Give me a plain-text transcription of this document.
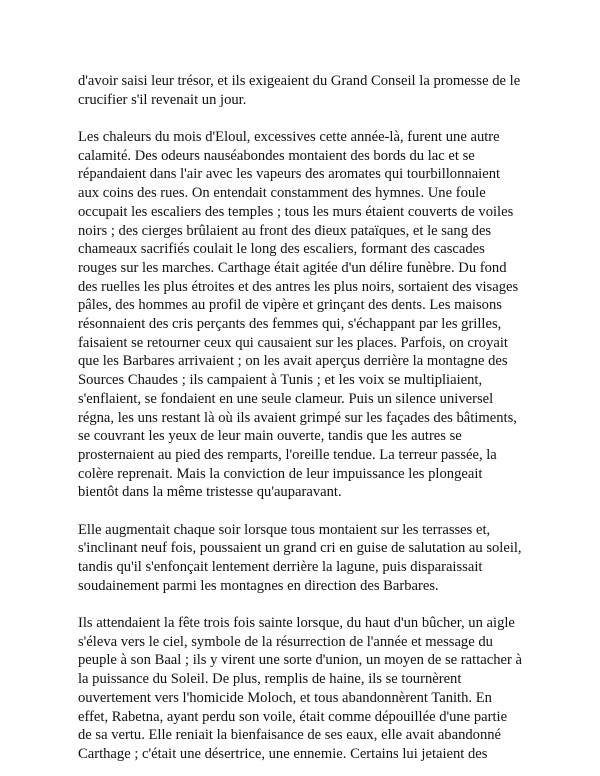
d'avoir saisi leur trésor, et ils exigeaient du Grand Conseil la promesse de le
crucifier s'il revenait un jour.

Les chaleurs du mois d'Eloul, excessives cette année-là, furent une autre
calamité. Des odeurs nauséabondes montaient des bords du lac et se
répandaient dans l'air avec les vapeurs des aromates qui tourbillonnaient
aux coins des rues. On entendait constamment des hymnes. Une foule
occupait les escaliers des temples ; tous les murs étaient couverts de voiles
noirs ; des cierges brûlaient au front des dieux pataïques, et le sang des
chameaux sacrifiés coulait le long des escaliers, formant des cascades
rouges sur les marches. Carthage était agitée d'un délire funèbre. Du fond
des ruelles les plus étroites et des antres les plus noirs, sortaient des visages
pâles, des hommes au profil de vipère et grinçant des dents. Les maisons
résonnaient des cris perçants des femmes qui, s'échappant par les grilles,
faisaient se retourner ceux qui causaient sur les places. Parfois, on croyait
que les Barbares arrivaient ; on les avait aperçus derrière la montagne des
Sources Chaudes ; ils campaient à Tunis ; et les voix se multipliaient,
s'enflaient, se fondaient en une seule clameur. Puis un silence universel
régna, les uns restant là où ils avaient grimpé sur les façades des bâtiments,
se couvrant les yeux de leur main ouverte, tandis que les autres se
prosternaient au pied des remparts, l'oreille tendue. La terreur passée, la
colère reprenait. Mais la conviction de leur impuissance les plongeait
bientôt dans la même tristesse qu'auparavant.

Elle augmentait chaque soir lorsque tous montaient sur les terrasses et,
s'inclinant neuf fois, poussaient un grand cri en guise de salutation au soleil,
tandis qu'il s'enfonçait lentement derrière la lagune, puis disparaissait
soudainement parmi les montagnes en direction des Barbares.

Ils attendaient la fête trois fois sainte lorsque, du haut d'un bûcher, un aigle
s'éleva vers le ciel, symbole de la résurrection de l'année et message du
peuple à son Baal ; ils y virent une sorte d'union, un moyen de se rattacher à
la puissance du Soleil. De plus, remplis de haine, ils se tournèrent
ouvertement vers l'homicide Moloch, et tous abandonnèrent Tanith. En
effet, Rabetna, ayant perdu son voile, était comme dépouillée d'une partie
de sa vertu. Elle reniait la bienfaisance de ses eaux, elle avait abandonné
Carthage ; c'était une désertrice, une ennemie. Certains lui jetaient des
